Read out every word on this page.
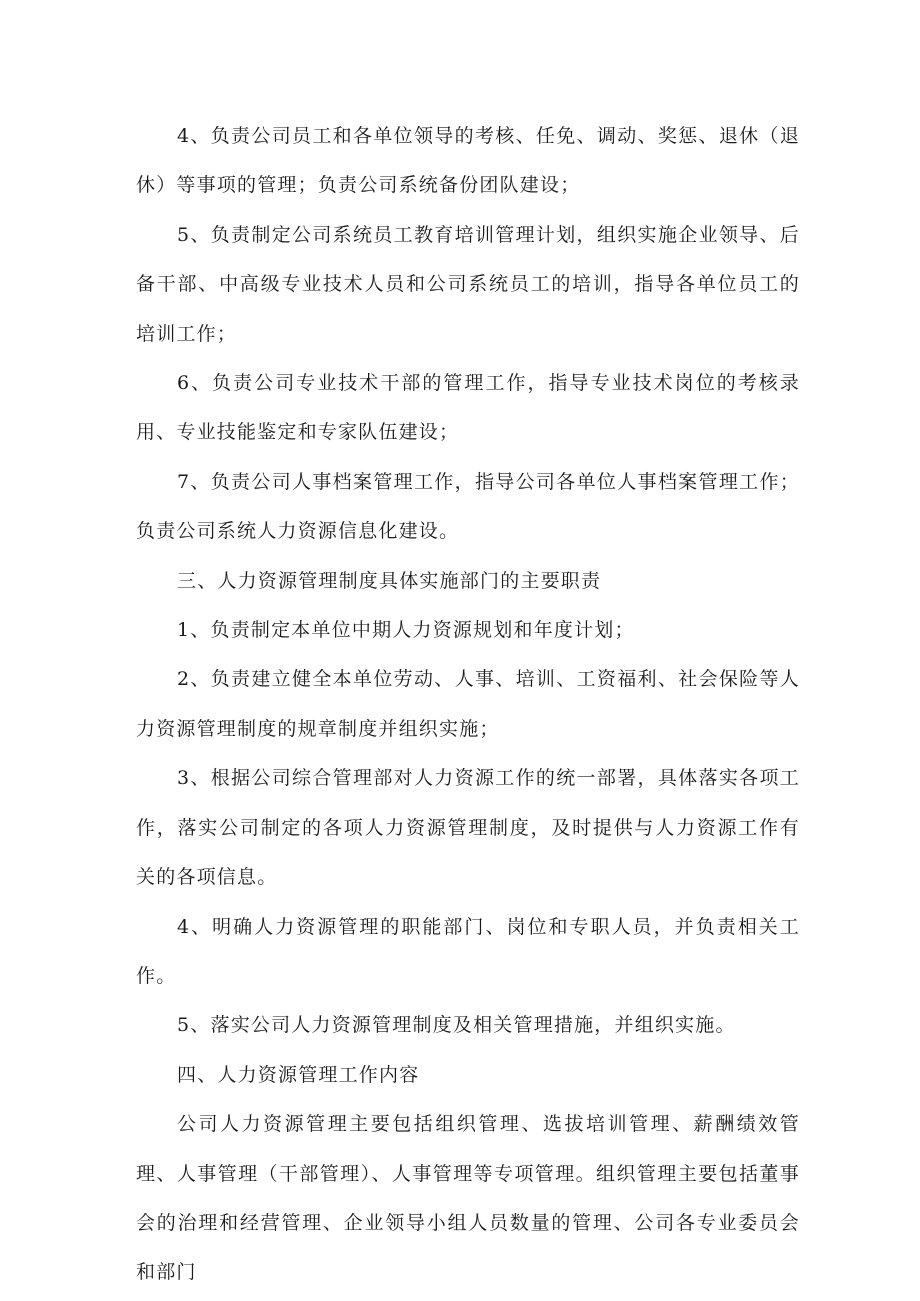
4、负责公司员工和各单位领导的考核、任免、调动、奖惩、退休（退休）等事项的管理；负责公司系统备份团队建设；

5、负责制定公司系统员工教育培训管理计划，组织实施企业领导、后备干部、中高级专业技术人员和公司系统员工的培训，指导各单位员工的培训工作；

6、负责公司专业技术干部的管理工作，指导专业技术岗位的考核录用、专业技能鉴定和专家队伍建设；

7、负责公司人事档案管理工作，指导公司各单位人事档案管理工作；负责公司系统人力资源信息化建设。

三、人力资源管理制度具体实施部门的主要职责

1、负责制定本单位中期人力资源规划和年度计划；

2、负责建立健全本单位劳动、人事、培训、工资福利、社会保险等人力资源管理制度的规章制度并组织实施；

3、根据公司综合管理部对人力资源工作的统一部署，具体落实各项工作，落实公司制定的各项人力资源管理制度，及时提供与人力资源工作有关的各项信息。

4、明确人力资源管理的职能部门、岗位和专职人员，并负责相关工作。

5、落实公司人力资源管理制度及相关管理措施，并组织实施。

四、人力资源管理工作内容

公司人力资源管理主要包括组织管理、选拔培训管理、薪酬绩效管理、人事管理（干部管理）、人事管理等专项管理。组织管理主要包括董事会的治理和经营管理、企业领导小组人员数量的管理、公司各专业委员会和部门
